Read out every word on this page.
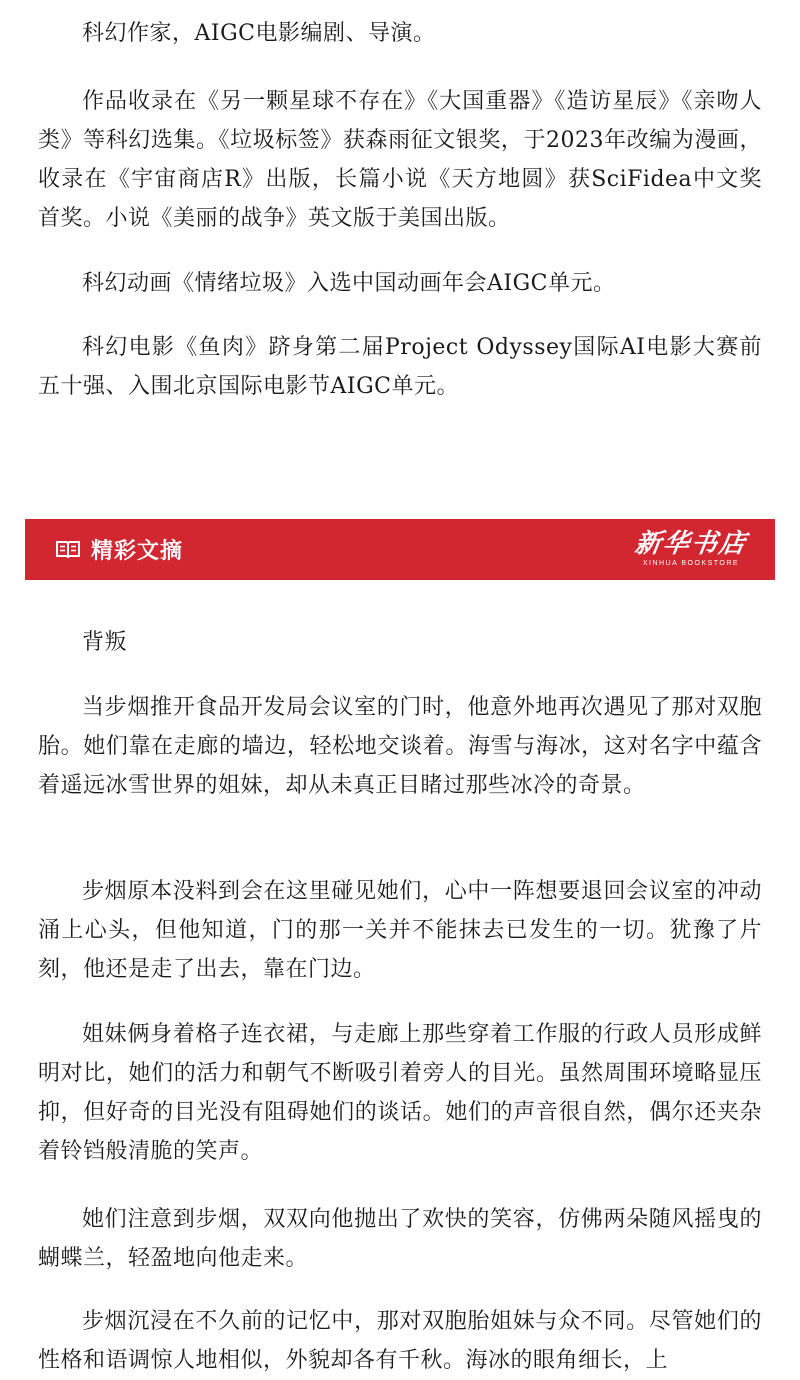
科幻作家，AIGC电影编剧、导演。

作品收录在《另一颗星球不存在》《大国重器》《造访星辰》《亲吻人类》等科幻选集。《垃圾标签》获森雨征文银奖，于2023年改编为漫画，收录在《宇宙商店R》出版，长篇小说《天方地圆》获SciFidea中文奖首奖。小说《美丽的战争》英文版于美国出版。

科幻动画《情绪垃圾》入选中国动画年会AIGC单元。

科幻电影《鱼肉》跻身第二届Project Odyssey国际AI电影大赛前五十强、入围北京国际电影节AIGC单元。

精彩文摘	新华书店
XINHUA BOOKSTORE

背叛

当步烟推开食品开发局会议室的门时，他意外地再次遇见了那对双胞胎。她们靠在走廊的墙边，轻松地交谈着。海雪与海冰，这对名字中蕴含着遥远冰雪世界的姐妹，却从未真正目睹过那些冰冷的奇景。

步烟原本没料到会在这里碰见她们，心中一阵想要退回会议室的冲动涌上心头，但他知道，门的那一关并不能抹去已发生的一切。犹豫了片刻，他还是走了出去，靠在门边。

姐妹俩身着格子连衣裙，与走廊上那些穿着工作服的行政人员形成鲜明对比，她们的活力和朝气不断吸引着旁人的目光。虽然周围环境略显压抑，但好奇的目光没有阻碍她们的谈话。她们的声音很自然，偶尔还夹杂着铃铛般清脆的笑声。

她们注意到步烟，双双向他抛出了欢快的笑容，仿佛两朵随风摇曳的蝴蝶兰，轻盈地向他走来。

步烟沉浸在不久前的记忆中，那对双胞胎姐妹与众不同。尽管她们的性格和语调惊人地相似，外貌却各有千秋。海冰的眼角细长，上
